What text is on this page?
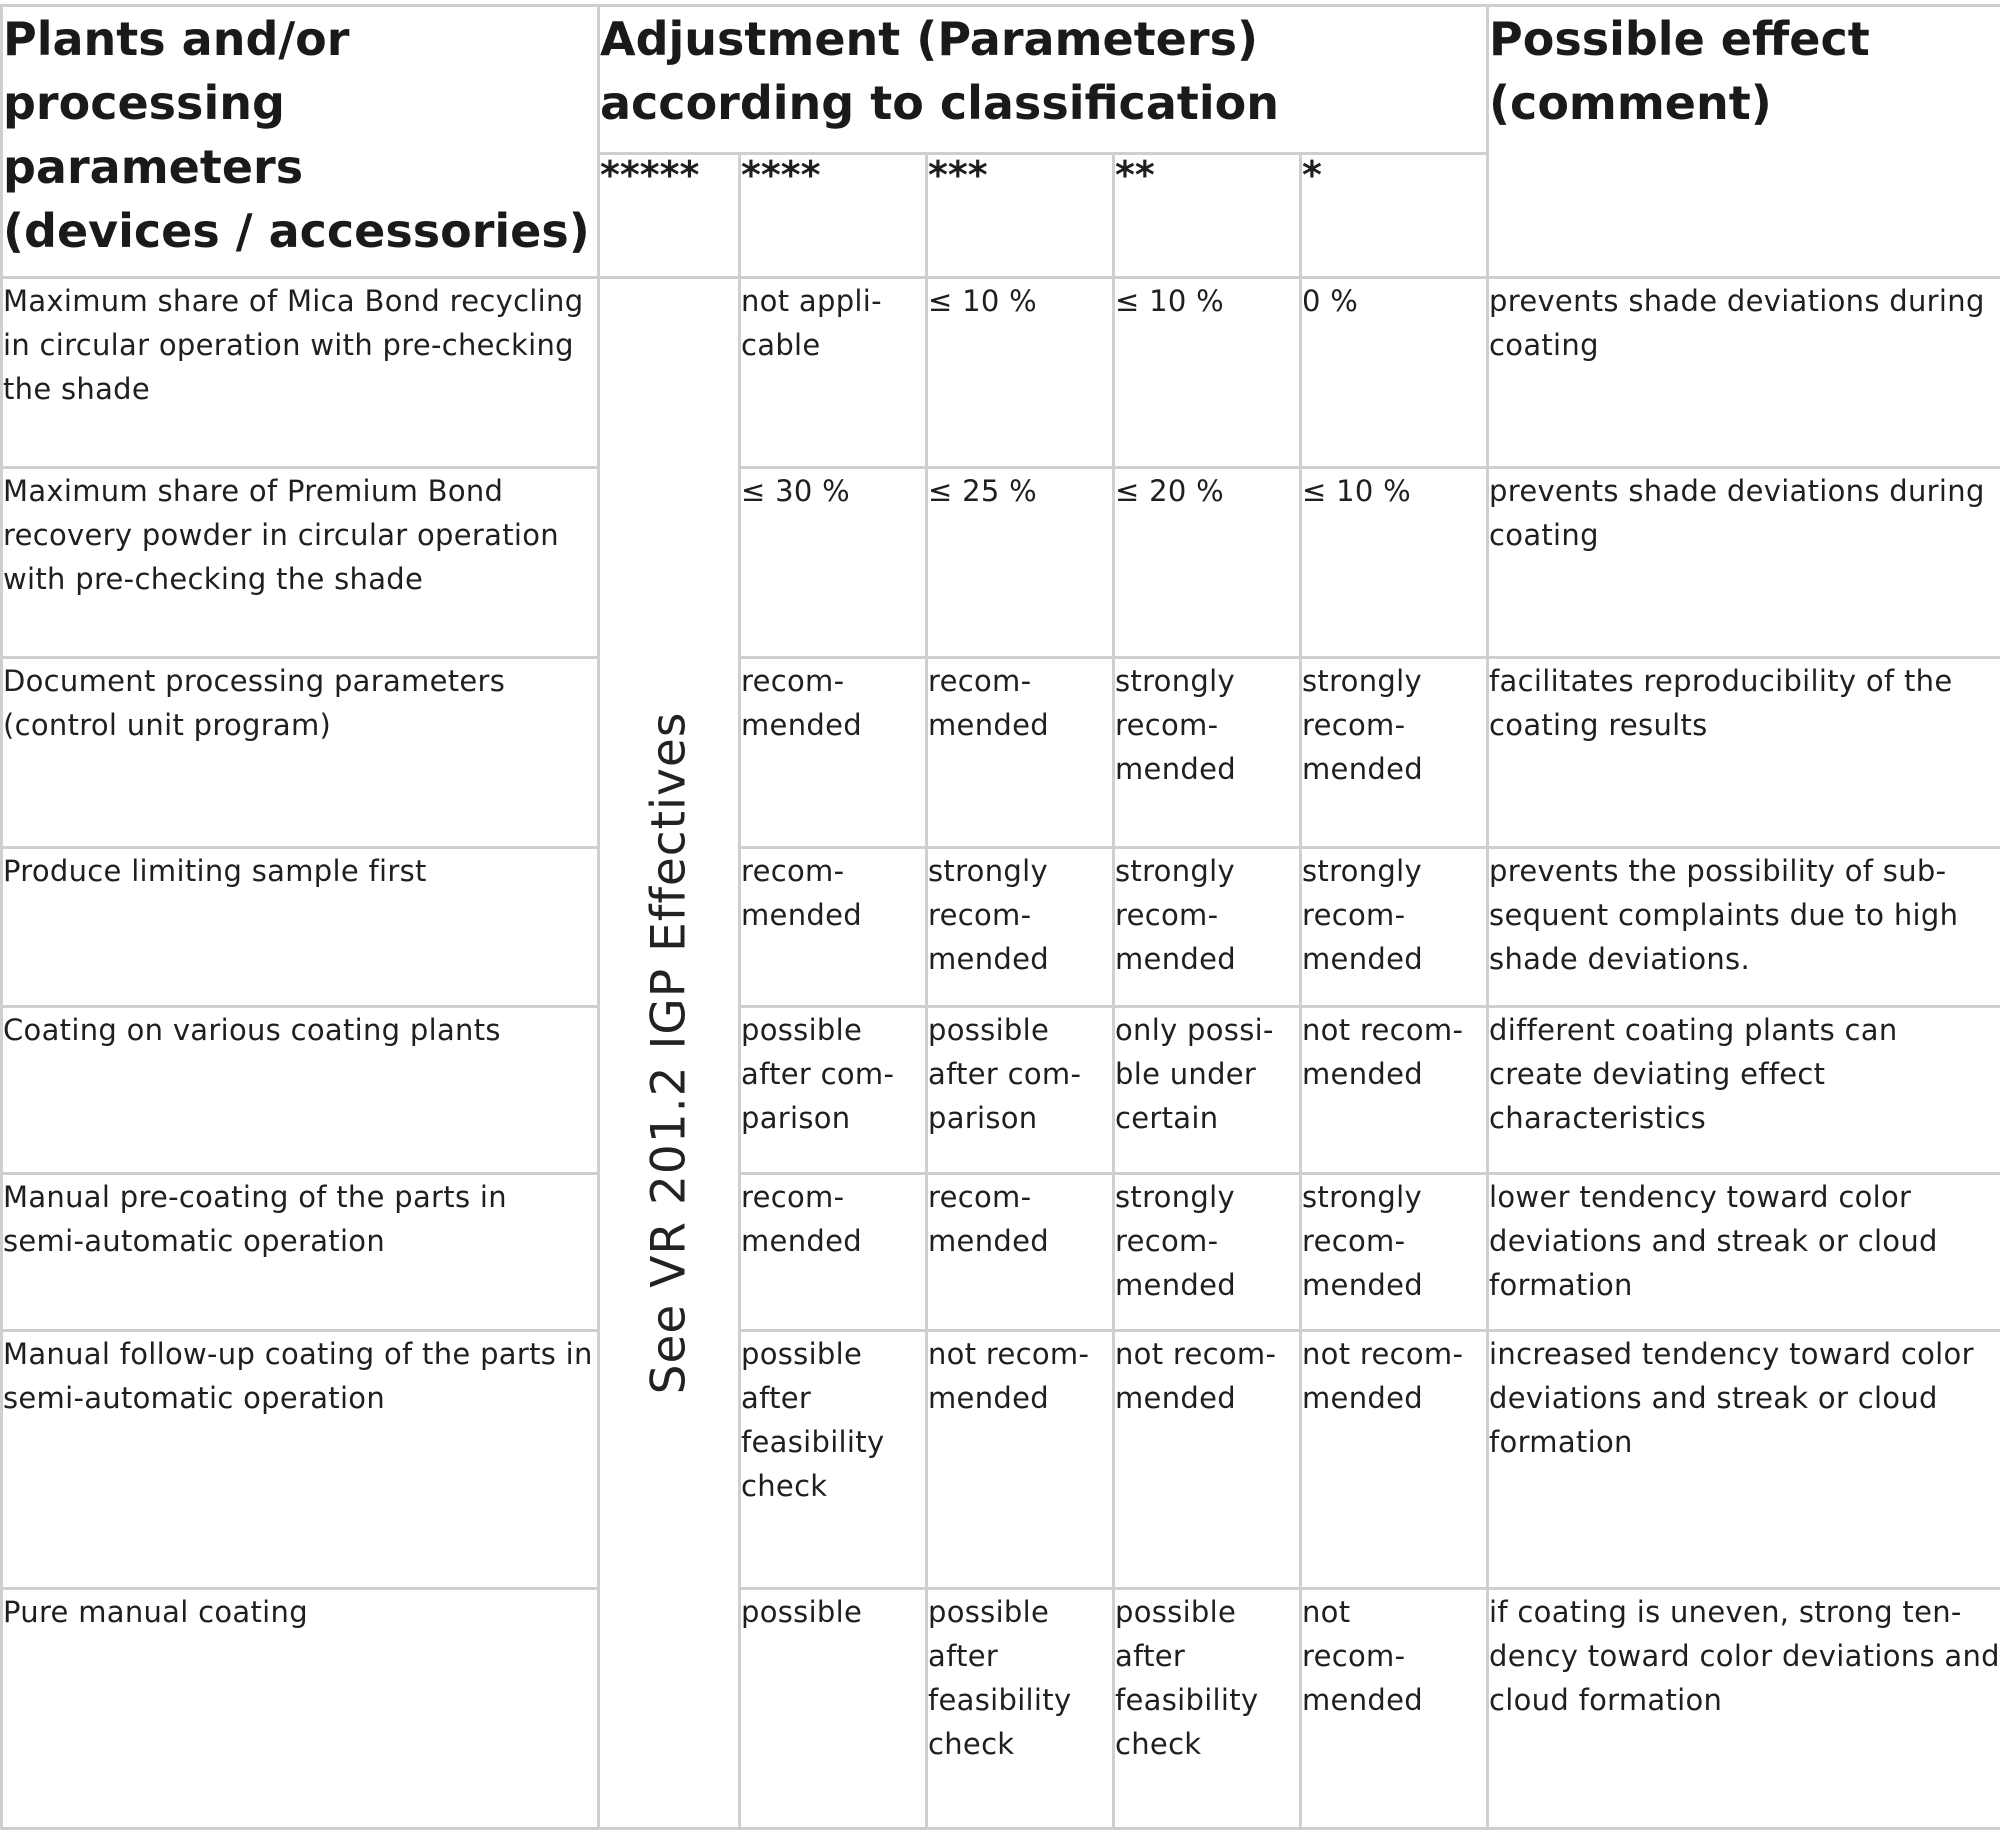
Plants and/or processing parameters
(devices / accessories)	Adjustment (Parameters)
according to classification					Possible effect
(comment)

	*****	****	***	**	*	

Maximum share of Mica Bond recycling in circular operation with pre-checking the shade	See VR 201.2 IGP Effectives	not appli-
cable	≤ 10 %	≤ 10 %	0 %	prevents shade deviations during coating

Maximum share of Premium Bond recovery powder in circular operation with pre-checking the shade		≤ 30 %	≤ 25 %	≤ 20 %	≤ 10 %	prevents shade deviations during coating

Document processing parameters (control unit program)		recom-
mended	recom-
mended	strongly
recom-
mended	strongly
recom-
mended	facilitates reproducibility of the coating results

Produce limiting sample first		recom-
mended	strongly
recom-
mended	strongly
recom-
mended	strongly
recom-
mended	prevents the possibility of sub-
sequent complaints due to high shade deviations.

Coating on various coating plants		possible
after com-
parison	possible
after com-
parison	only possi-
ble under
certain	not recom-
mended	different coating plants can create deviating effect characteristics

Manual pre-coating of the parts in semi-automatic operation		recom-
mended	recom-
mended	strongly
recom-
mended	strongly
recom-
mended	lower tendency toward color deviations and streak or cloud formation

Manual follow-up coating of the parts in semi-automatic operation		possible
after
feasibility
check	not recom-
mended	not recom-
mended	not recom-
mended	increased tendency toward color deviations and streak or cloud formation

Pure manual coating		possible	possible
after
feasibility
check	possible
after
feasibility
check	not
recom-
mended	if coating is uneven, strong ten-
dency toward color deviations and cloud formation
